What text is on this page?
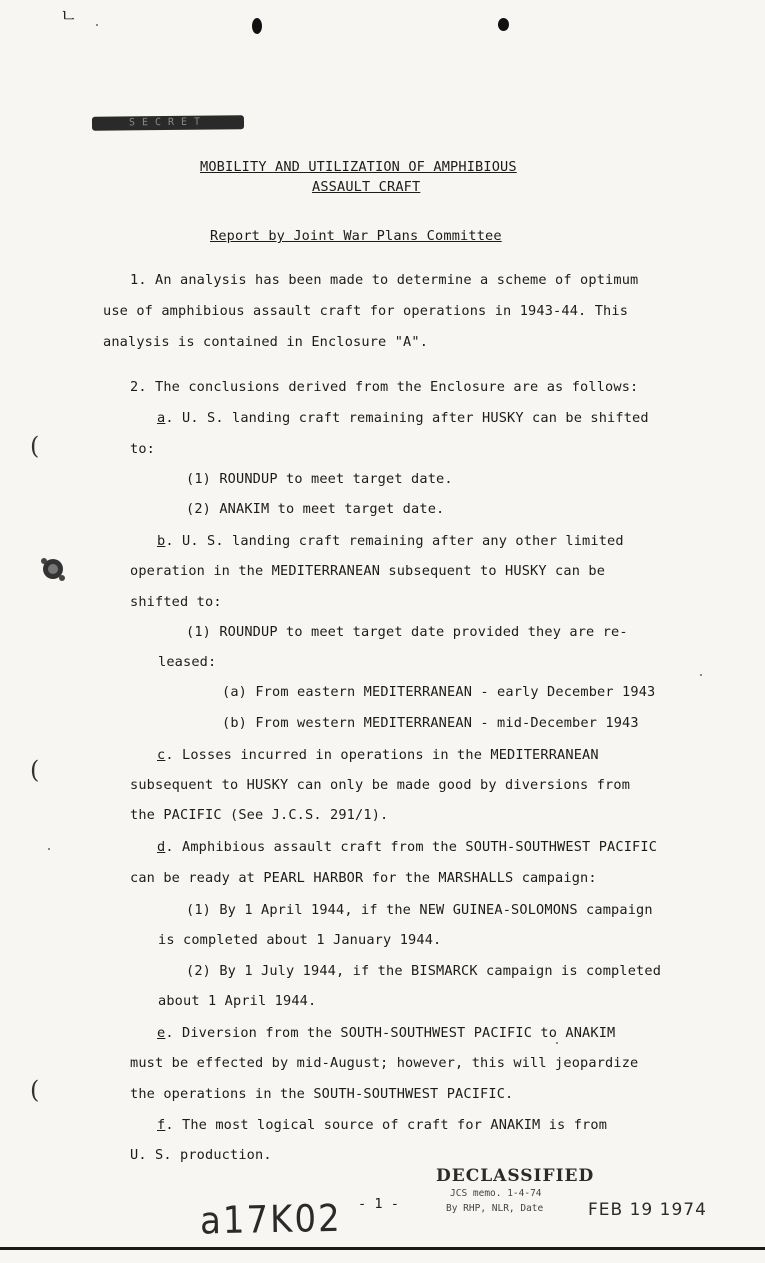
ㄴ
SECRET
(
(
(
MOBILITY AND UTILIZATION OF AMPHIBIOUS
ASSAULT CRAFT
Report by Joint War Plans Committee
1. An analysis has been made to determine a scheme of optimum
use of amphibious assault craft for operations in 1943-44. This
analysis is contained in Enclosure "A".
2. The conclusions derived from the Enclosure are as follows:
a. U. S. landing craft remaining after HUSKY can be shifted
to:
(1) ROUNDUP to meet target date.
(2) ANAKIM to meet target date.
b. U. S. landing craft remaining after any other limited
operation in the MEDITERRANEAN subsequent to HUSKY can be
shifted to:
(1) ROUNDUP to meet target date provided they are re-
leased:
(a) From eastern MEDITERRANEAN - early December 1943
(b) From western MEDITERRANEAN - mid-December 1943
c. Losses incurred in operations in the MEDITERRANEAN
subsequent to HUSKY can only be made good by diversions from
the PACIFIC (See J.C.S. 291/1).
d. Amphibious assault craft from the SOUTH-SOUTHWEST PACIFIC
can be ready at PEARL HARBOR for the MARSHALLS campaign:
(1) By 1 April 1944, if the NEW GUINEA-SOLOMONS campaign
is completed about 1 January 1944.
(2) By 1 July 1944, if the BISMARCK campaign is completed
about 1 April 1944.
e. Diversion from the SOUTH-SOUTHWEST PACIFIC to ANAKIM
must be effected by mid-August; however, this will jeopardize
the operations in the SOUTH-SOUTHWEST PACIFIC.
f. The most logical source of craft for ANAKIM is from
U. S. production.
- 1 -
DECLASSIFIED
JCS memo. 1-4-74
By RHP, NLR, Date	FEB 19 1974
a17K02
